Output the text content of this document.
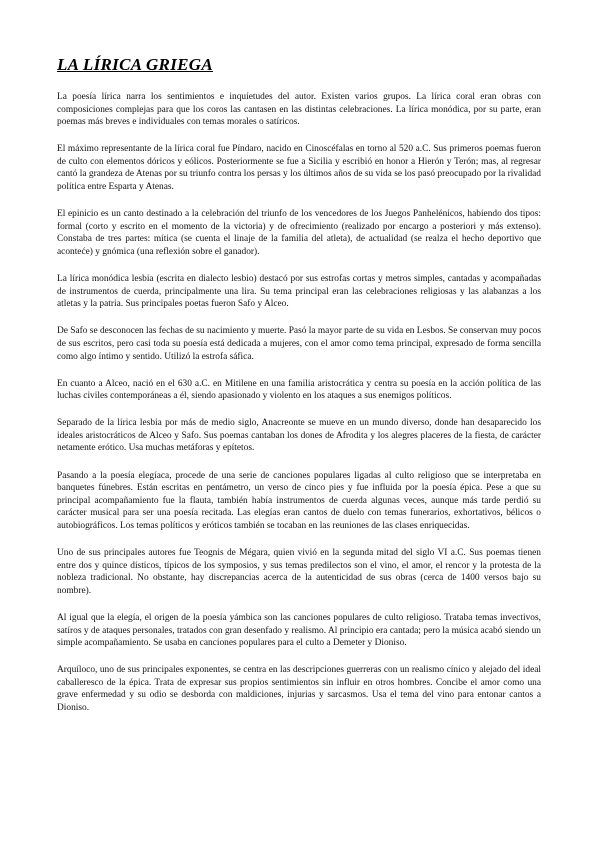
LA LÍRICA GRIEGA

La poesía lírica narra los sentimientos e inquietudes del autor. Existen varios grupos. La lírica coral eran obras con composiciones complejas para que los coros las cantasen en las distintas celebraciones. La lírica monódica, por su parte, eran poemas más breves e individuales con temas morales o satíricos.

El máximo representante de la lírica coral fue Píndaro, nacido en Cinoscéfalas en torno al 520 a.C. Sus primeros poemas fueron de culto con elementos dóricos y eólicos. Posteriormente se fue a Sicilia y escribió en honor a Hierón y Terón; mas, al regresar cantó la grandeza de Atenas por su triunfo contra los persas y los últimos años de su vida se los pasó preocupado por la rivalidad política entre Esparta y Atenas.

El epinicio es un canto destinado a la celebración del triunfo de los vencedores de los Juegos Panhelénicos, habiendo dos tipos: formal (corto y escrito en el momento de la victoria) y de ofrecimiento (realizado por encargo a posteriori y más extenso). Constaba de tres partes: mítica (se cuenta el linaje de la familia del atleta), de actualidad (se realza el hecho deportivo que aconteće) y gnómica (una reflexión sobre el ganador).

La lírica monódica lesbia (escrita en dialecto lesbio) destacó por sus estrofas cortas y metros simples, cantadas y acompañadas de instrumentos de cuerda, principalmente una lira. Su tema principal eran las celebraciones religiosas y las alabanzas a los atletas y la patria. Sus principales poetas fueron Safo y Alceo.

De Safo se desconocen las fechas de su nacimiento y muerte. Pasó la mayor parte de su vida en Lesbos. Se conservan muy pocos de sus escritos, pero casi toda su poesía está dedicada a mujeres, con el amor como tema principal, expresado de forma sencilla como algo íntimo y sentido. Utilizó la estrofa sáfica.

En cuanto a Alceo, nació en el 630 a.C. en Mitilene en una familia aristocrática y centra su poesía en la acción política de las luchas civiles contemporáneas a él, siendo apasionado y violento en los ataques a sus enemigos políticos.

Separado de la lírica lesbia por más de medio siglo, Anacreonte se mueve en un mundo diverso, donde han desaparecido los ideales aristocráticos de Alceo y Safo. Sus poemas cantaban los dones de Afrodita y los alegres placeres de la fiesta, de carácter netamente erótico. Usa muchas metáforas y epítetos.

Pasando a la poesía elegíaca, procede de una serie de canciones populares ligadas al culto religioso que se interpretaba en banquetes fúnebres. Están escritas en pentámetro, un verso de cinco pies y fue influida por la poesía épica. Pese a que su principal acompañamiento fue la flauta, también había instrumentos de cuerda algunas veces, aunque más tarde perdió su carácter musical para ser una poesía recitada. Las elegías eran cantos de duelo con temas funerarios, exhortativos, bélicos o autobiográficos. Los temas políticos y eróticos también se tocaban en las reuniones de las clases enriquecidas.

Uno de sus principales autores fue Teognis de Mégara, quien vivió en la segunda mitad del siglo VI a.C. Sus poemas tienen entre dos y quince dísticos, típicos de los symposios, y sus temas predilectos son el vino, el amor, el rencor y la protesta de la nobleza tradicional. No obstante, hay discrepancias acerca de la autenticidad de sus obras (cerca de 1400 versos bajo su nombre).

Al igual que la elegía, el origen de la poesía yámbica son las canciones populares de culto religioso. Trataba temas invectivos, satíros y de ataques personales, tratados con gran desenfado y realismo. Al principio era cantada; pero la música acabó siendo un simple acompañamiento. Se usaba en canciones populares para el culto a Demeter y Dioniso.

Arquíloco, uno de sus principales exponentes, se centra en las descripciones guerreras con un realismo cínico y alejado del ideal caballeresco de la épica. Trata de expresar sus propios sentimientos sin influir en otros hombres. Concibe el amor como una grave enfermedad y su odio se desborda con maldiciones, injurias y sarcasmos. Usa el tema del vino para entonar cantos a Dioniso.
